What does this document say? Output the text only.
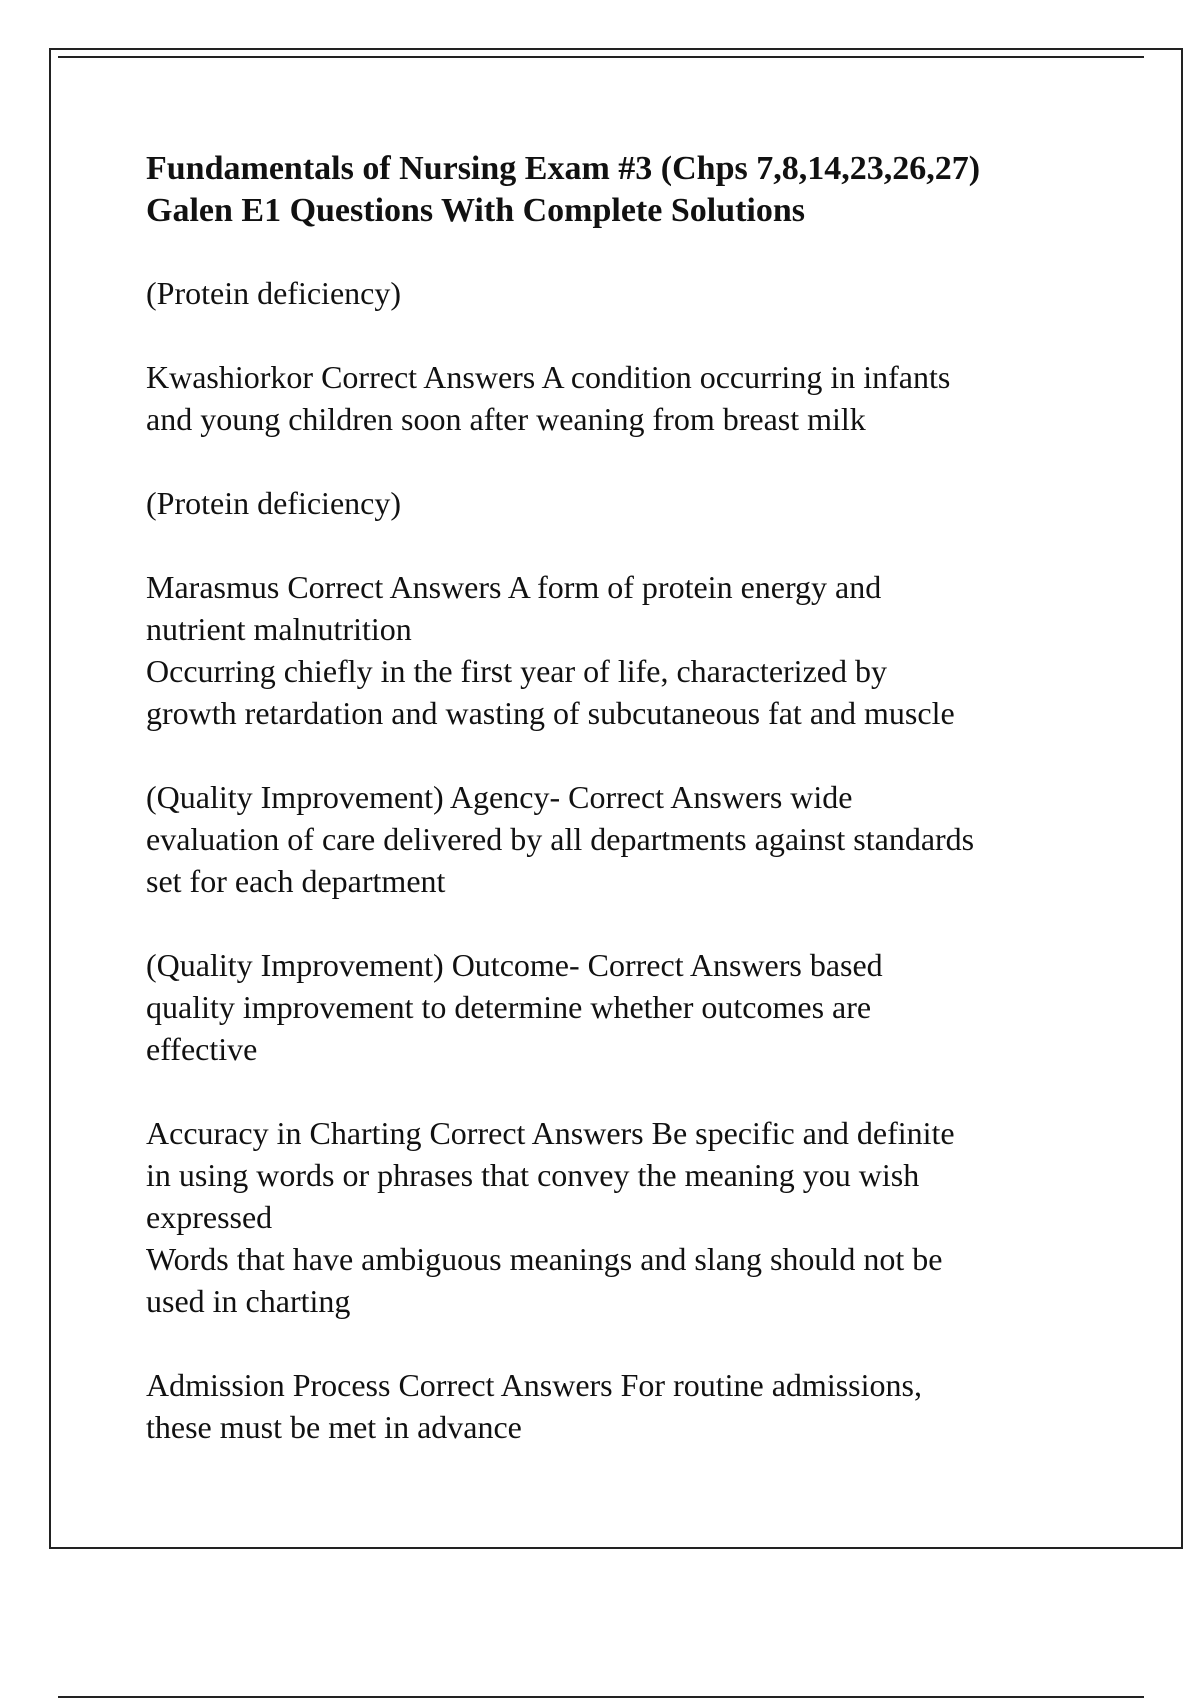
Fundamentals of Nursing Exam #3 (Chps 7,8,14,23,26,27)
Galen E1 Questions With Complete Solutions
(Protein deficiency)
Kwashiorkor Correct Answers A condition occurring in infants
and young children soon after weaning from breast milk
(Protein deficiency)
Marasmus Correct Answers A form of protein energy and
nutrient malnutrition
Occurring chiefly in the first year of life, characterized by
growth retardation and wasting of subcutaneous fat and muscle
(Quality Improvement) Agency- Correct Answers wide
evaluation of care delivered by all departments against standards
set for each department
(Quality Improvement) Outcome- Correct Answers based
quality improvement to determine whether outcomes are
effective
Accuracy in Charting Correct Answers Be specific and definite
in using words or phrases that convey the meaning you wish
expressed
Words that have ambiguous meanings and slang should not be
used in charting
Admission Process Correct Answers For routine admissions,
these must be met in advance
